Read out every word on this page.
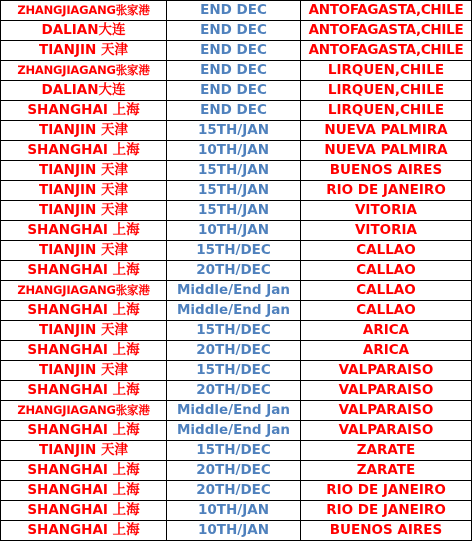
ZHANGJIAGANG张家港	END DEC	ANTOFAGASTA,CHILE
DALIAN大连	END DEC	ANTOFAGASTA,CHILE
TIANJIN 天津	END DEC	ANTOFAGASTA,CHILE
ZHANGJIAGANG张家港	END DEC	LIRQUEN,CHILE
DALIAN大连	END DEC	LIRQUEN,CHILE
SHANGHAI 上海	END DEC	LIRQUEN,CHILE
TIANJIN 天津	15TH/JAN	NUEVA PALMIRA
SHANGHAI 上海	10TH/JAN	NUEVA PALMIRA
TIANJIN 天津	15TH/JAN	BUENOS AIRES
TIANJIN 天津	15TH/JAN	RIO DE JANEIRO
TIANJIN 天津	15TH/JAN	VITORIA
SHANGHAI 上海	10TH/JAN	VITORIA
TIANJIN 天津	15TH/DEC	CALLAO
SHANGHAI 上海	20TH/DEC	CALLAO
ZHANGJIAGANG张家港	Middle/End Jan	CALLAO
SHANGHAI 上海	Middle/End Jan	CALLAO
TIANJIN 天津	15TH/DEC	ARICA
SHANGHAI 上海	20TH/DEC	ARICA
TIANJIN 天津	15TH/DEC	VALPARAISO
SHANGHAI 上海	20TH/DEC	VALPARAISO
ZHANGJIAGANG张家港	Middle/End Jan	VALPARAISO
SHANGHAI 上海	Middle/End Jan	VALPARAISO
TIANJIN 天津	15TH/DEC	ZARATE
SHANGHAI 上海	20TH/DEC	ZARATE
SHANGHAI 上海	20TH/DEC	RIO DE JANEIRO
SHANGHAI 上海	10TH/JAN	RIO DE JANEIRO
SHANGHAI 上海	10TH/JAN	BUENOS AIRES
